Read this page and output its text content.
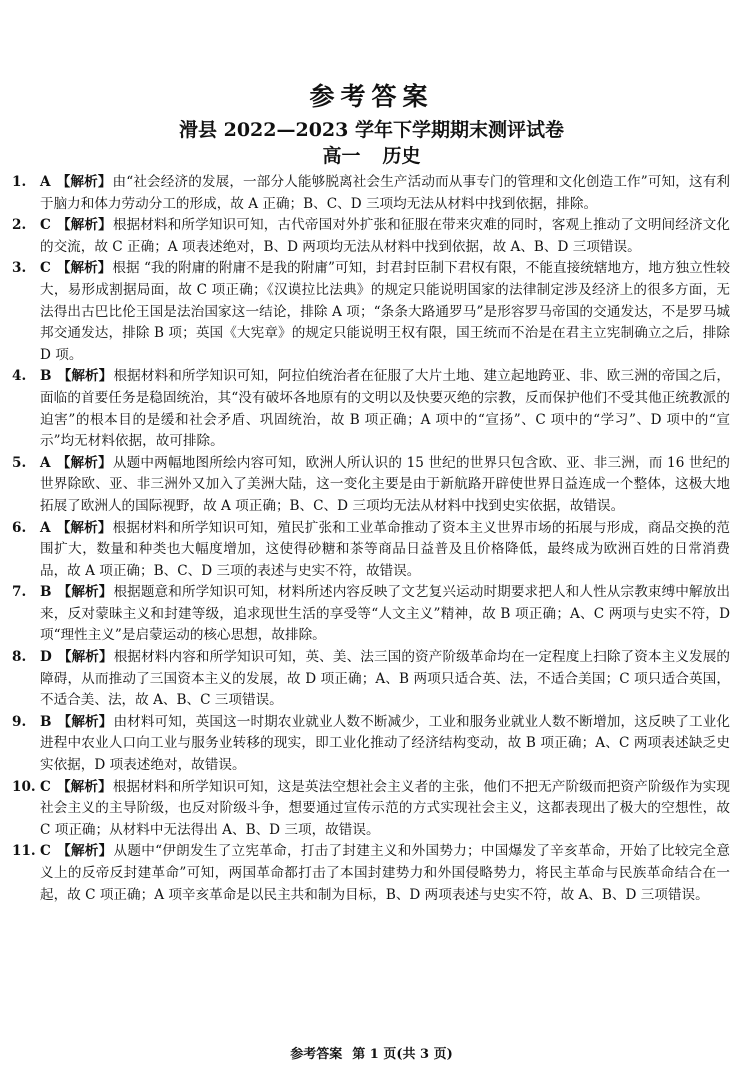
参考答案
滑县 2022—2023 学年下学期期末测评试卷
高一 历史
1.	A 【解析】由“社会经济的发展，一部分人能够脱离社会生产活动而从事专门的管理和文化创造工作”可知，这有利于脑力和体力劳动分工的形成，故 A 正确；B、C、D 三项均无法从材料中找到依据，排除。
2.	C 【解析】根据材料和所学知识可知，古代帝国对外扩张和征服在带来灾难的同时，客观上推动了文明间经济文化的交流，故 C 正确；A 项表述绝对，B、D 两项均无法从材料中找到依据，故 A、B、D 三项错误。
3.	C 【解析】根据 “我的附庸的附庸不是我的附庸”可知，封君封臣制下君权有限，不能直接统辖地方，地方独立性较大，易形成割据局面，故 C 项正确；《汉谟拉比法典》的规定只能说明国家的法律制定涉及经济上的很多方面，无法得出古巴比伦王国是法治国家这一结论，排除 A 项；“条条大路通罗马”是形容罗马帝国的交通发达，不是罗马城邦交通发达，排除 B 项；英国《大宪章》的规定只能说明王权有限，国王统而不治是在君主立宪制确立之后，排除 D 项。
4.	B 【解析】根据材料和所学知识可知，阿拉伯统治者在征服了大片土地、建立起地跨亚、非、欧三洲的帝国之后，面临的首要任务是稳固统治，其“没有破坏各地原有的文明以及快要灭绝的宗教，反而保护他们不受其他正统教派的迫害”的根本目的是缓和社会矛盾、巩固统治，故 B 项正确；A 项中的“宣扬”、C 项中的“学习”、D 项中的“宣示”均无材料依据，故可排除。
5.	A 【解析】从题中两幅地图所绘内容可知，欧洲人所认识的 15 世纪的世界只包含欧、亚、非三洲，而 16 世纪的世界除欧、亚、非三洲外又加入了美洲大陆，这一变化主要是由于新航路开辟使世界日益连成一个整体，这极大地拓展了欧洲人的国际视野，故 A 项正确；B、C、D 三项均无法从材料中找到史实依据，故错误。
6.	A 【解析】根据材料和所学知识可知，殖民扩张和工业革命推动了资本主义世界市场的拓展与形成，商品交换的范围扩大，数量和种类也大幅度增加，这使得砂糖和茶等商品日益普及且价格降低，最终成为欧洲百姓的日常消费品，故 A 项正确；B、C、D 三项的表述与史实不符，故错误。
7.	B 【解析】根据题意和所学知识可知，材料所述内容反映了文艺复兴运动时期要求把人和人性从宗教束缚中解放出来，反对蒙昧主义和封建等级，追求现世生活的享受等“人文主义”精神，故 B 项正确；A、C 两项与史实不符，D 项“理性主义”是启蒙运动的核心思想，故排除。
8.	D 【解析】根据材料内容和所学知识可知，英、美、法三国的资产阶级革命均在一定程度上扫除了资本主义发展的障碍，从而推动了三国资本主义的发展，故 D 项正确；A、B 两项只适合英、法，不适合美国；C 项只适合英国，不适合美、法，故 A、B、C 三项错误。
9.	B 【解析】由材料可知，英国这一时期农业就业人数不断减少，工业和服务业就业人数不断增加，这反映了工业化进程中农业人口向工业与服务业转移的现实，即工业化推动了经济结构变动，故 B 项正确；A、C 两项表述缺乏史实依据，D 项表述绝对，故错误。
10. C 【解析】根据材料和所学知识可知，这是英法空想社会主义者的主张，他们不把无产阶级而把资产阶级作为实现社会主义的主导阶级，也反对阶级斗争，想要通过宣传示范的方式实现社会主义，这都表现出了极大的空想性，故 C 项正确；从材料中无法得出 A、B、D 三项，故错误。
11. C 【解析】从题中“伊朗发生了立宪革命，打击了封建主义和外国势力；中国爆发了辛亥革命，开始了比较完全意义上的反帝反封建革命”可知，两国革命都打击了本国封建势力和外国侵略势力，将民主革命与民族革命结合在一起，故 C 项正确；A 项辛亥革命是以民主共和制为目标，B、D 两项表述与史实不符，故 A、B、D 三项错误。
参考答案 第 1 页(共 3 页)
